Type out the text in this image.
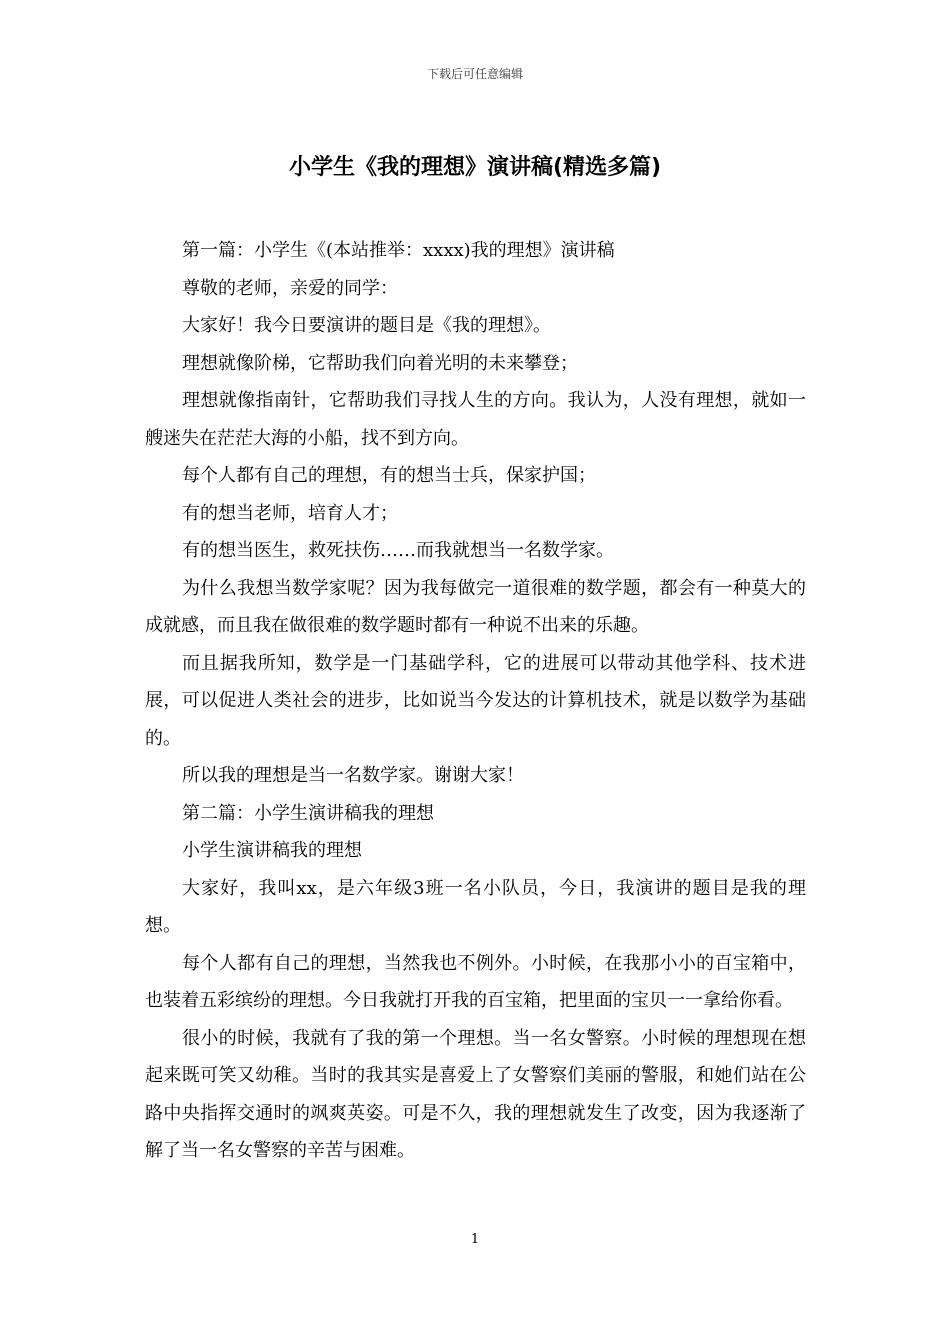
下载后可任意编辑
小学生《我的理想》演讲稿(精选多篇)

第一篇：小学生《(本站推举：xxxx)我的理想》演讲稿

尊敬的老师，亲爱的同学：

大家好！我今日要演讲的题目是《我的理想》。

理想就像阶梯，它帮助我们向着光明的未来攀登；

理想就像指南针，它帮助我们寻找人生的方向。我认为，人没有理想，就如一艘迷失在茫茫大海的小船，找不到方向。

每个人都有自己的理想，有的想当士兵，保家护国；

有的想当老师，培育人才；

有的想当医生，救死扶伤……而我就想当一名数学家。

为什么我想当数学家呢？因为我每做完一道很难的数学题，都会有一种莫大的成就感，而且我在做很难的数学题时都有一种说不出来的乐趣。

而且据我所知，数学是一门基础学科，它的进展可以带动其他学科、技术进展，可以促进人类社会的进步，比如说当今发达的计算机技术，就是以数学为基础的。

所以我的理想是当一名数学家。谢谢大家！

第二篇：小学生演讲稿我的理想

小学生演讲稿我的理想

大家好，我叫xx，是六年级3班一名小队员，今日，我演讲的题目是我的理想。

每个人都有自己的理想，当然我也不例外。小时候，在我那小小的百宝箱中，也装着五彩缤纷的理想。今日我就打开我的百宝箱，把里面的宝贝一一拿给你看。

很小的时候，我就有了我的第一个理想。当一名女警察。小时候的理想现在想起来既可笑又幼稚。当时的我其实是喜爱上了女警察们美丽的警服，和她们站在公路中央指挥交通时的飒爽英姿。可是不久，我的理想就发生了改变，因为我逐渐了解了当一名女警察的辛苦与困难。

1
